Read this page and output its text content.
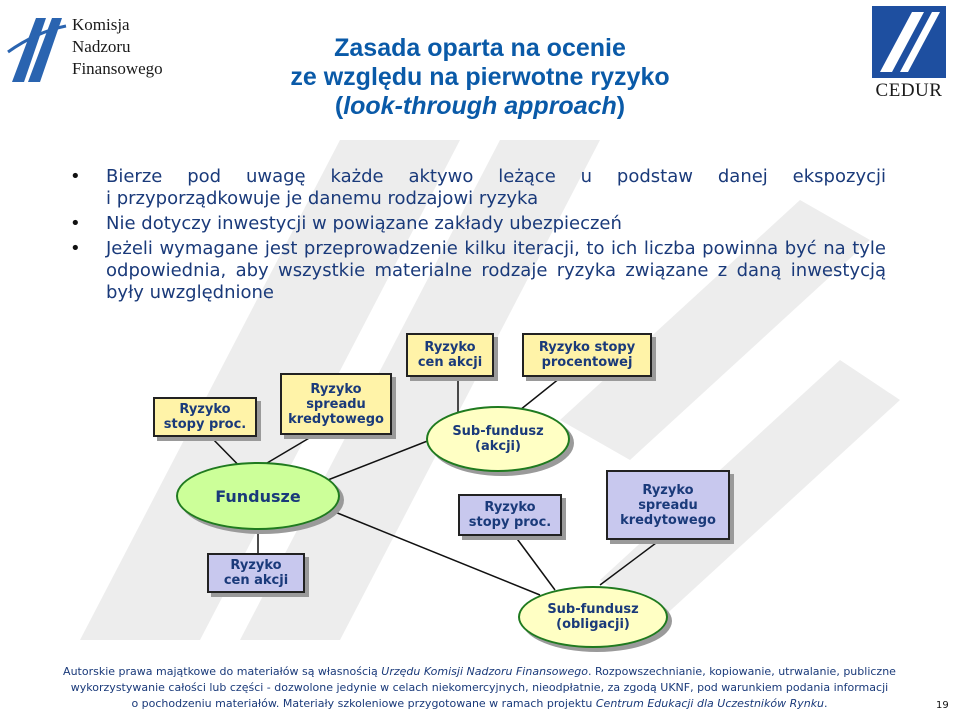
Komisja
Nadzoru
Finansowego
CEDUR
Zasada oparta na ocenie
ze względu na pierwotne ryzyko
(look-through approach)
• Bierze pod uwagę każde aktywo leżące u podstaw danej ekspozycji
i przyporządkowuje je danemu rodzajowi ryzyka
• Nie dotyczy inwestycji w powiązane zakłady ubezpieczeń
• Jeżeli wymagane jest przeprowadzenie kilku iteracji, to ich liczba powinna być na tyle odpowiednia, aby wszystkie materialne rodzaje ryzyka związane z daną inwestycją były uwzględnione
Ryzyko cen akcji
Ryzyko stopy procentowej
Ryzyko stopy proc.
Ryzyko spreadu kredytowego
Sub-fundusz (akcji)
Fundusze
Ryzyko stopy proc.
Ryzyko spreadu kredytowego
Ryzyko cen akcji
Sub-fundusz (obligacji)
Autorskie prawa majątkowe do materiałów są własnością Urzędu Komisji Nadzoru Finansowego. Rozpowszechnianie, kopiowanie, utrwalanie, publiczne
wykorzystywanie całości lub części - dozwolone jedynie w celach niekomercyjnych, nieodpłatnie, za zgodą UKNF, pod warunkiem podania informacji
o pochodzeniu materiałów. Materiały szkoleniowe przygotowane w ramach projektu Centrum Edukacji dla Uczestników Rynku.	19
